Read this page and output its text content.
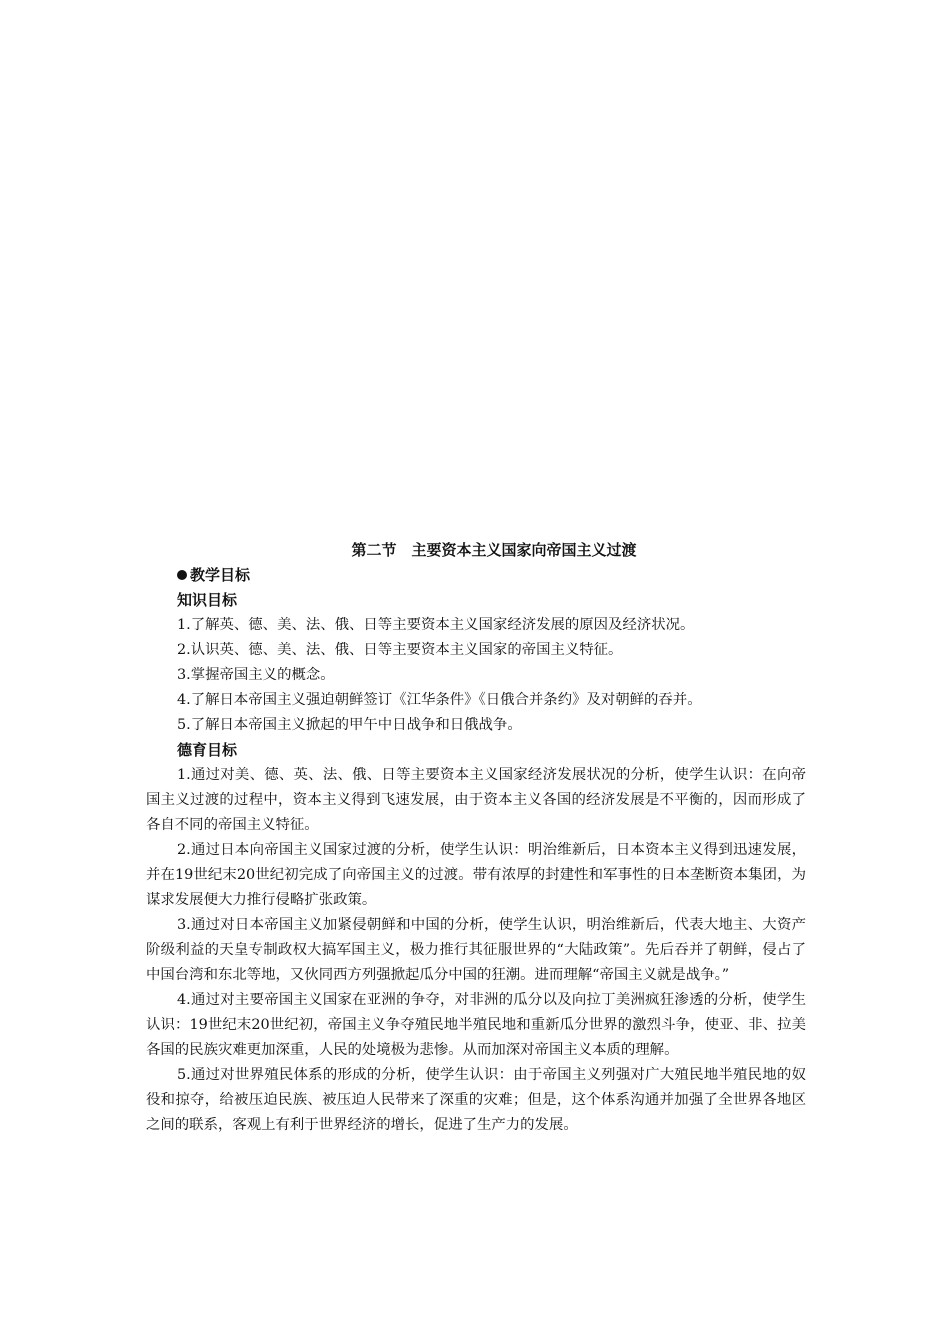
第二节　主要资本主义国家向帝国主义过渡
教学目标
知识目标

1.了解英、德、美、法、俄、日等主要资本主义国家经济发展的原因及经济状况。

2.认识英、德、美、法、俄、日等主要资本主义国家的帝国主义特征。

3.掌握帝国主义的概念。

4.了解日本帝国主义强迫朝鲜签订《江华条件》《日俄合并条约》及对朝鲜的吞并。

5.了解日本帝国主义掀起的甲午中日战争和日俄战争。

德育目标

1.通过对美、德、英、法、俄、日等主要资本主义国家经济发展状况的分析，使学生认识：在向帝国主义过渡的过程中，资本主义得到飞速发展，由于资本主义各国的经济发展是不平衡的，因而形成了各自不同的帝国主义特征。

2.通过日本向帝国主义国家过渡的分析，使学生认识：明治维新后，日本资本主义得到迅速发展，并在19世纪末20世纪初完成了向帝国主义的过渡。带有浓厚的封建性和军事性的日本垄断资本集团，为谋求发展便大力推行侵略扩张政策。

3.通过对日本帝国主义加紧侵朝鲜和中国的分析，使学生认识，明治维新后，代表大地主、大资产阶级利益的天皇专制政权大搞军国主义，极力推行其征服世界的“大陆政策”。先后吞并了朝鲜，侵占了中国台湾和东北等地，又伙同西方列强掀起瓜分中国的狂潮。进而理解“帝国主义就是战争。”

4.通过对主要帝国主义国家在亚洲的争夺，对非洲的瓜分以及向拉丁美洲疯狂渗透的分析，使学生认识：19世纪末20世纪初，帝国主义争夺殖民地半殖民地和重新瓜分世界的激烈斗争，使亚、非、拉美各国的民族灾难更加深重，人民的处境极为悲惨。从而加深对帝国主义本质的理解。

5.通过对世界殖民体系的形成的分析，使学生认识：由于帝国主义列强对广大殖民地半殖民地的奴役和掠夺，给被压迫民族、被压迫人民带来了深重的灾难；但是，这个体系沟通并加强了全世界各地区之间的联系，客观上有利于世界经济的增长，促进了生产力的发展。
